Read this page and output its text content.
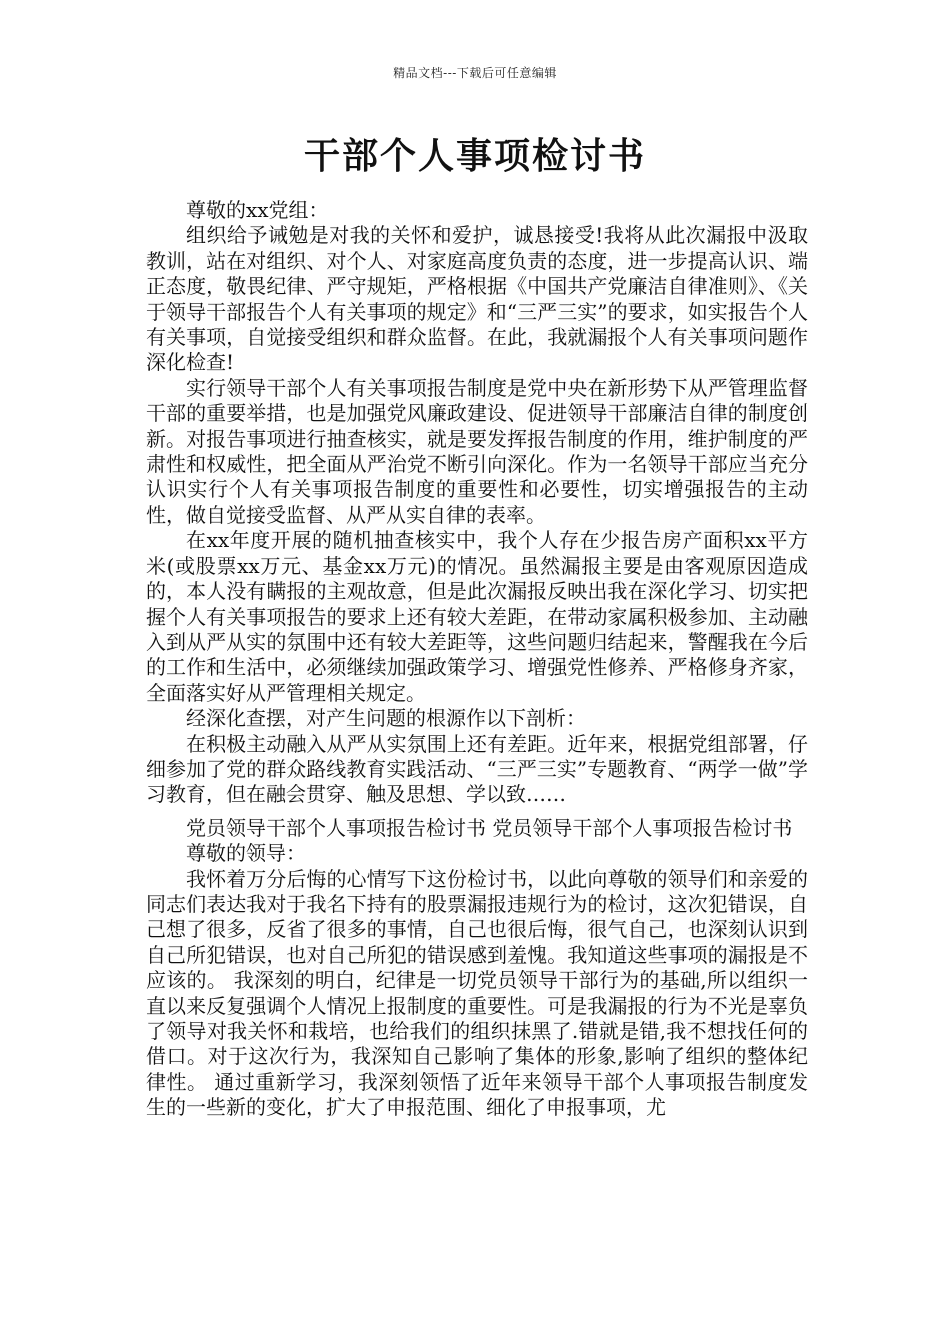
精品文档---下载后可任意编辑
干部个人事项检讨书

尊敬的xx党组：

组织给予诫勉是对我的关怀和爱护，诚恳接受!我将从此次漏报中汲取教训，站在对组织、对个人、对家庭高度负责的态度，进一步提高认识、端正态度，敬畏纪律、严守规矩，严格根据《中国共产党廉洁自律准则》、《关于领导干部报告个人有关事项的规定》和“三严三实”的要求，如实报告个人有关事项，自觉接受组织和群众监督。在此，我就漏报个人有关事项问题作深化检查!

实行领导干部个人有关事项报告制度是党中央在新形势下从严管理监督干部的重要举措，也是加强党风廉政建设、促进领导干部廉洁自律的制度创新。对报告事项进行抽查核实，就是要发挥报告制度的作用，维护制度的严肃性和权威性，把全面从严治党不断引向深化。作为一名领导干部应当充分认识实行个人有关事项报告制度的重要性和必要性，切实增强报告的主动性，做自觉接受监督、从严从实自律的表率。

在xx年度开展的随机抽查核实中，我个人存在少报告房产面积xx平方米(或股票xx万元、基金xx万元)的情况。虽然漏报主要是由客观原因造成的，本人没有瞒报的主观故意，但是此次漏报反映出我在深化学习、切实把握个人有关事项报告的要求上还有较大差距，在带动家属积极参加、主动融入到从严从实的氛围中还有较大差距等，这些问题归结起来，警醒我在今后的工作和生活中，必须继续加强政策学习、增强党性修养、严格修身齐家，全面落实好从严管理相关规定。

经深化查摆，对产生问题的根源作以下剖析：

在积极主动融入从严从实氛围上还有差距。近年来，根据党组部署，仔细参加了党的群众路线教育实践活动、“三严三实”专题教育、“两学一做”学习教育，但在融会贯穿、触及思想、学以致……

党员领导干部个人事项报告检讨书 党员领导干部个人事项报告检讨书

尊敬的领导：

我怀着万分后悔的心情写下这份检讨书，以此向尊敬的领导们和亲爱的同志们表达我对于我名下持有的股票漏报违规行为的检讨，这次犯错误，自己想了很多，反省了很多的事情，自己也很后悔，很气自己，也深刻认识到自己所犯错误，也对自己所犯的错误感到羞愧。我知道这些事项的漏报是不应该的。 我深刻的明白，纪律是一切党员领导干部行为的基础,所以组织一直以来反复强调个人情况上报制度的重要性。可是我漏报的行为不光是辜负了领导对我关怀和栽培，也给我们的组织抹黑了.错就是错,我不想找任何的借口。对于这次行为，我深知自己影响了集体的形象,影响了组织的整体纪律性。 通过重新学习，我深刻领悟了近年来领导干部个人事项报告制度发生的一些新的变化，扩大了申报范围、细化了申报事项，尤
